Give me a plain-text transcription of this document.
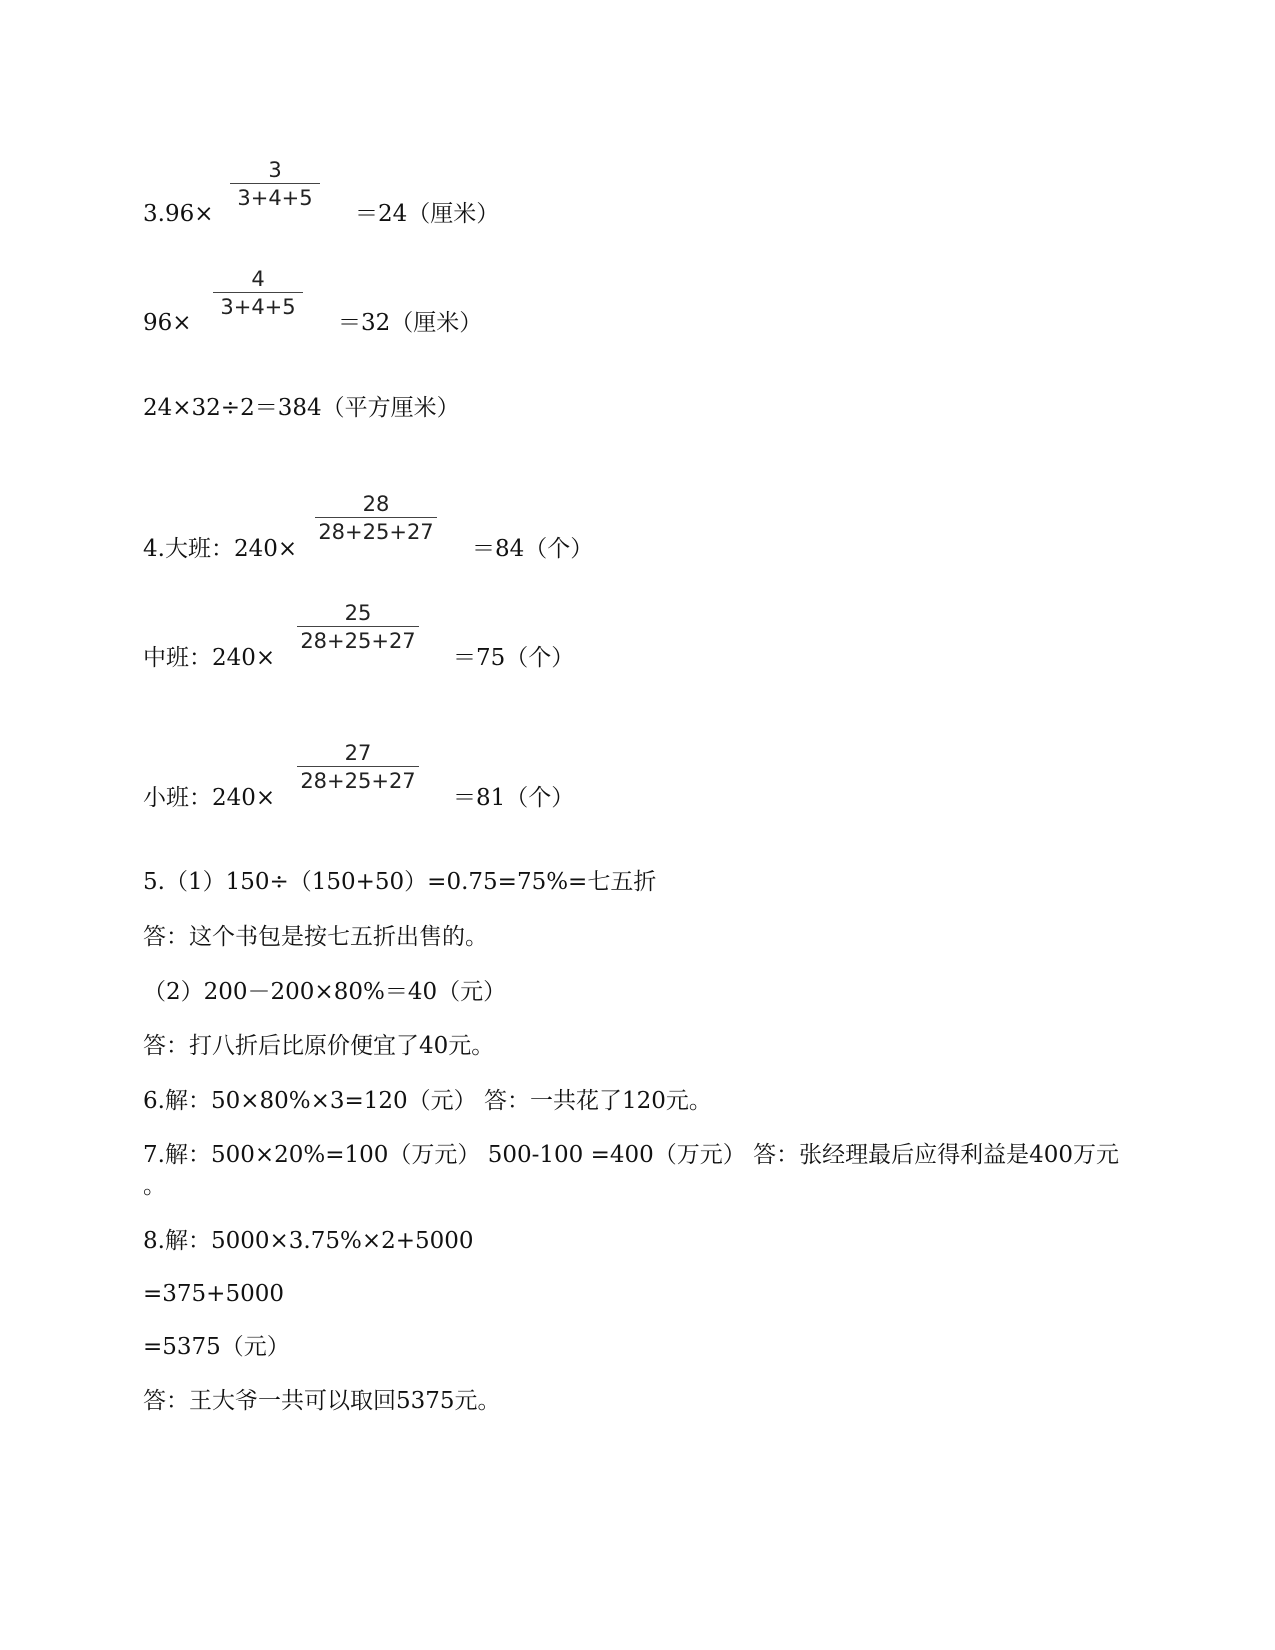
3.96×
3
3+4+5
＝24（厘米）
96×
4
3+4+5
＝32（厘米）
24×32÷2＝384（平方厘米）
4.大班：240×
28
28+25+27
＝84（个）
中班：240×
25
28+25+27
＝75（个）
小班：240×
27
28+25+27
＝81（个）
5.（1）150÷（150+50）=0.75=75%=七五折
答：这个书包是按七五折出售的。
（2）200－200×80%＝40（元）
答：打八折后比原价便宜了40元。
6.解：50×80%×3=120（元） 答：一共花了120元。
7.解：500×20%=100（万元） 500-100 =400（万元） 答：张经理最后应得利益是400万元
。
8.解：5000×3.75%×2+5000
=375+5000
=5375（元）
答：王大爷一共可以取回5375元。
